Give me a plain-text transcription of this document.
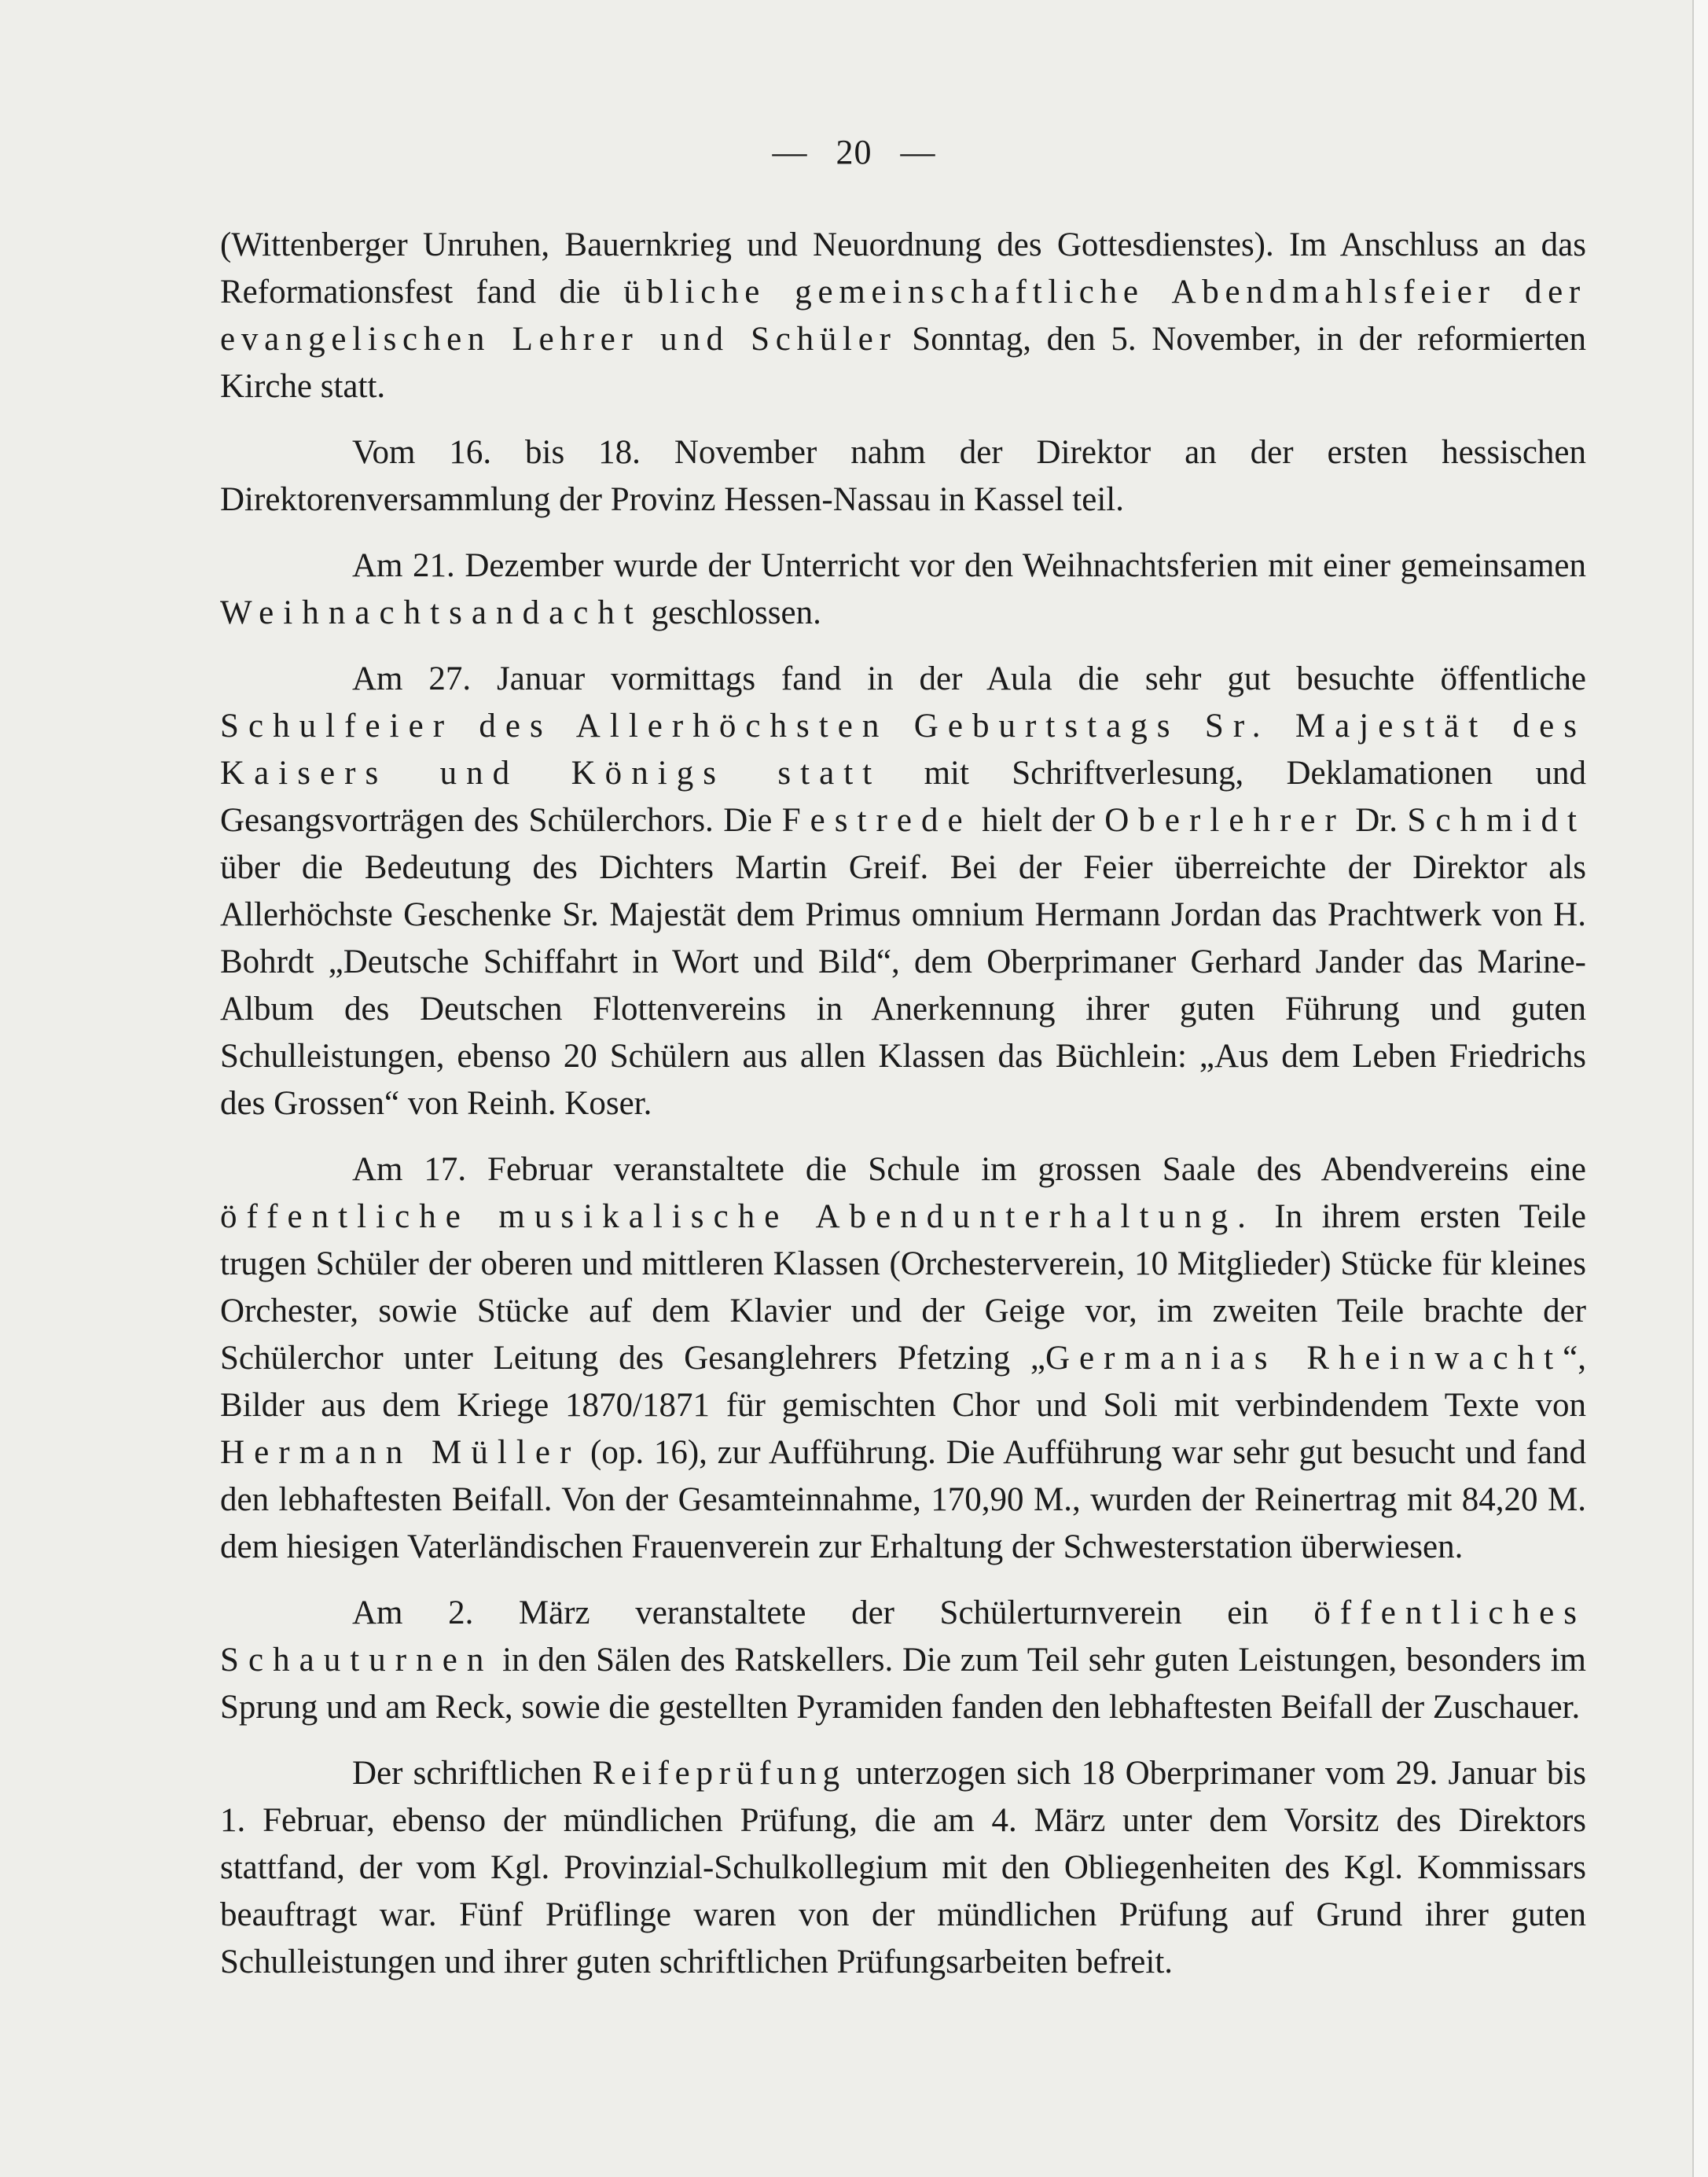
— 20 —

(Wittenberger Unruhen, Bauernkrieg und Neuordnung des Gottesdienstes). Im Anschluss an das Reformationsfest fand die übliche gemeinschaftliche Abendmahlsfeier der evangelischen Lehrer und Schüler Sonntag, den 5. November, in der reformierten Kirche statt.

Vom 16. bis 18. November nahm der Direktor an der ersten hessischen Direktorenversammlung der Provinz Hessen-Nassau in Kassel teil.

Am 21. Dezember wurde der Unterricht vor den Weihnachtsferien mit einer gemeinsamen Weihnachtsandacht geschlossen.

Am 27. Januar vormittags fand in der Aula die sehr gut besuchte öffentliche Schulfeier des Allerhöchsten Geburtstags Sr. Majestät des Kaisers und Königs statt mit Schriftverlesung, Deklamationen und Gesangsvorträgen des Schülerchors. Die Festrede hielt der Oberlehrer Dr. Schmidt über die Bedeutung des Dichters Martin Greif. Bei der Feier überreichte der Direktor als Allerhöchste Geschenke Sr. Majestät dem Primus omnium Hermann Jordan das Prachtwerk von H. Bohrdt „Deutsche Schiffahrt in Wort und Bild“, dem Oberprimaner Gerhard Jander das Marine-Album des Deutschen Flottenvereins in Anerkennung ihrer guten Führung und guten Schulleistungen, ebenso 20 Schülern aus allen Klassen das Büchlein: „Aus dem Leben Friedrichs des Grossen“ von Reinh. Koser.

Am 17. Februar veranstaltete die Schule im grossen Saale des Abendvereins eine öffentliche musikalische Abendunterhaltung. In ihrem ersten Teile trugen Schüler der oberen und mittleren Klassen (Orchesterverein, 10 Mitglieder) Stücke für kleines Orchester, sowie Stücke auf dem Klavier und der Geige vor, im zweiten Teile brachte der Schülerchor unter Leitung des Gesanglehrers Pfetzing „Germanias Rheinwacht“, Bilder aus dem Kriege 1870/1871 für gemischten Chor und Soli mit verbindendem Texte von Hermann Müller (op. 16), zur Aufführung. Die Aufführung war sehr gut besucht und fand den lebhaftesten Beifall. Von der Gesamteinnahme, 170,90 M., wurden der Reinertrag mit 84,20 M. dem hiesigen Vaterländischen Frauenverein zur Erhaltung der Schwesterstation überwiesen.

Am 2. März veranstaltete der Schülerturnverein ein öffentliches Schauturnen in den Sälen des Ratskellers. Die zum Teil sehr guten Leistungen, besonders im Sprung und am Reck, sowie die gestellten Pyramiden fanden den lebhaftesten Beifall der Zuschauer.

Der schriftlichen Reifeprüfung unterzogen sich 18 Oberprimaner vom 29. Januar bis 1. Februar, ebenso der mündlichen Prüfung, die am 4. März unter dem Vorsitz des Direktors stattfand, der vom Kgl. Provinzial-Schulkollegium mit den Obliegenheiten des Kgl. Kommissars beauftragt war. Fünf Prüflinge waren von der mündlichen Prüfung auf Grund ihrer guten Schulleistungen und ihrer guten schriftlichen Prüfungsarbeiten befreit.
